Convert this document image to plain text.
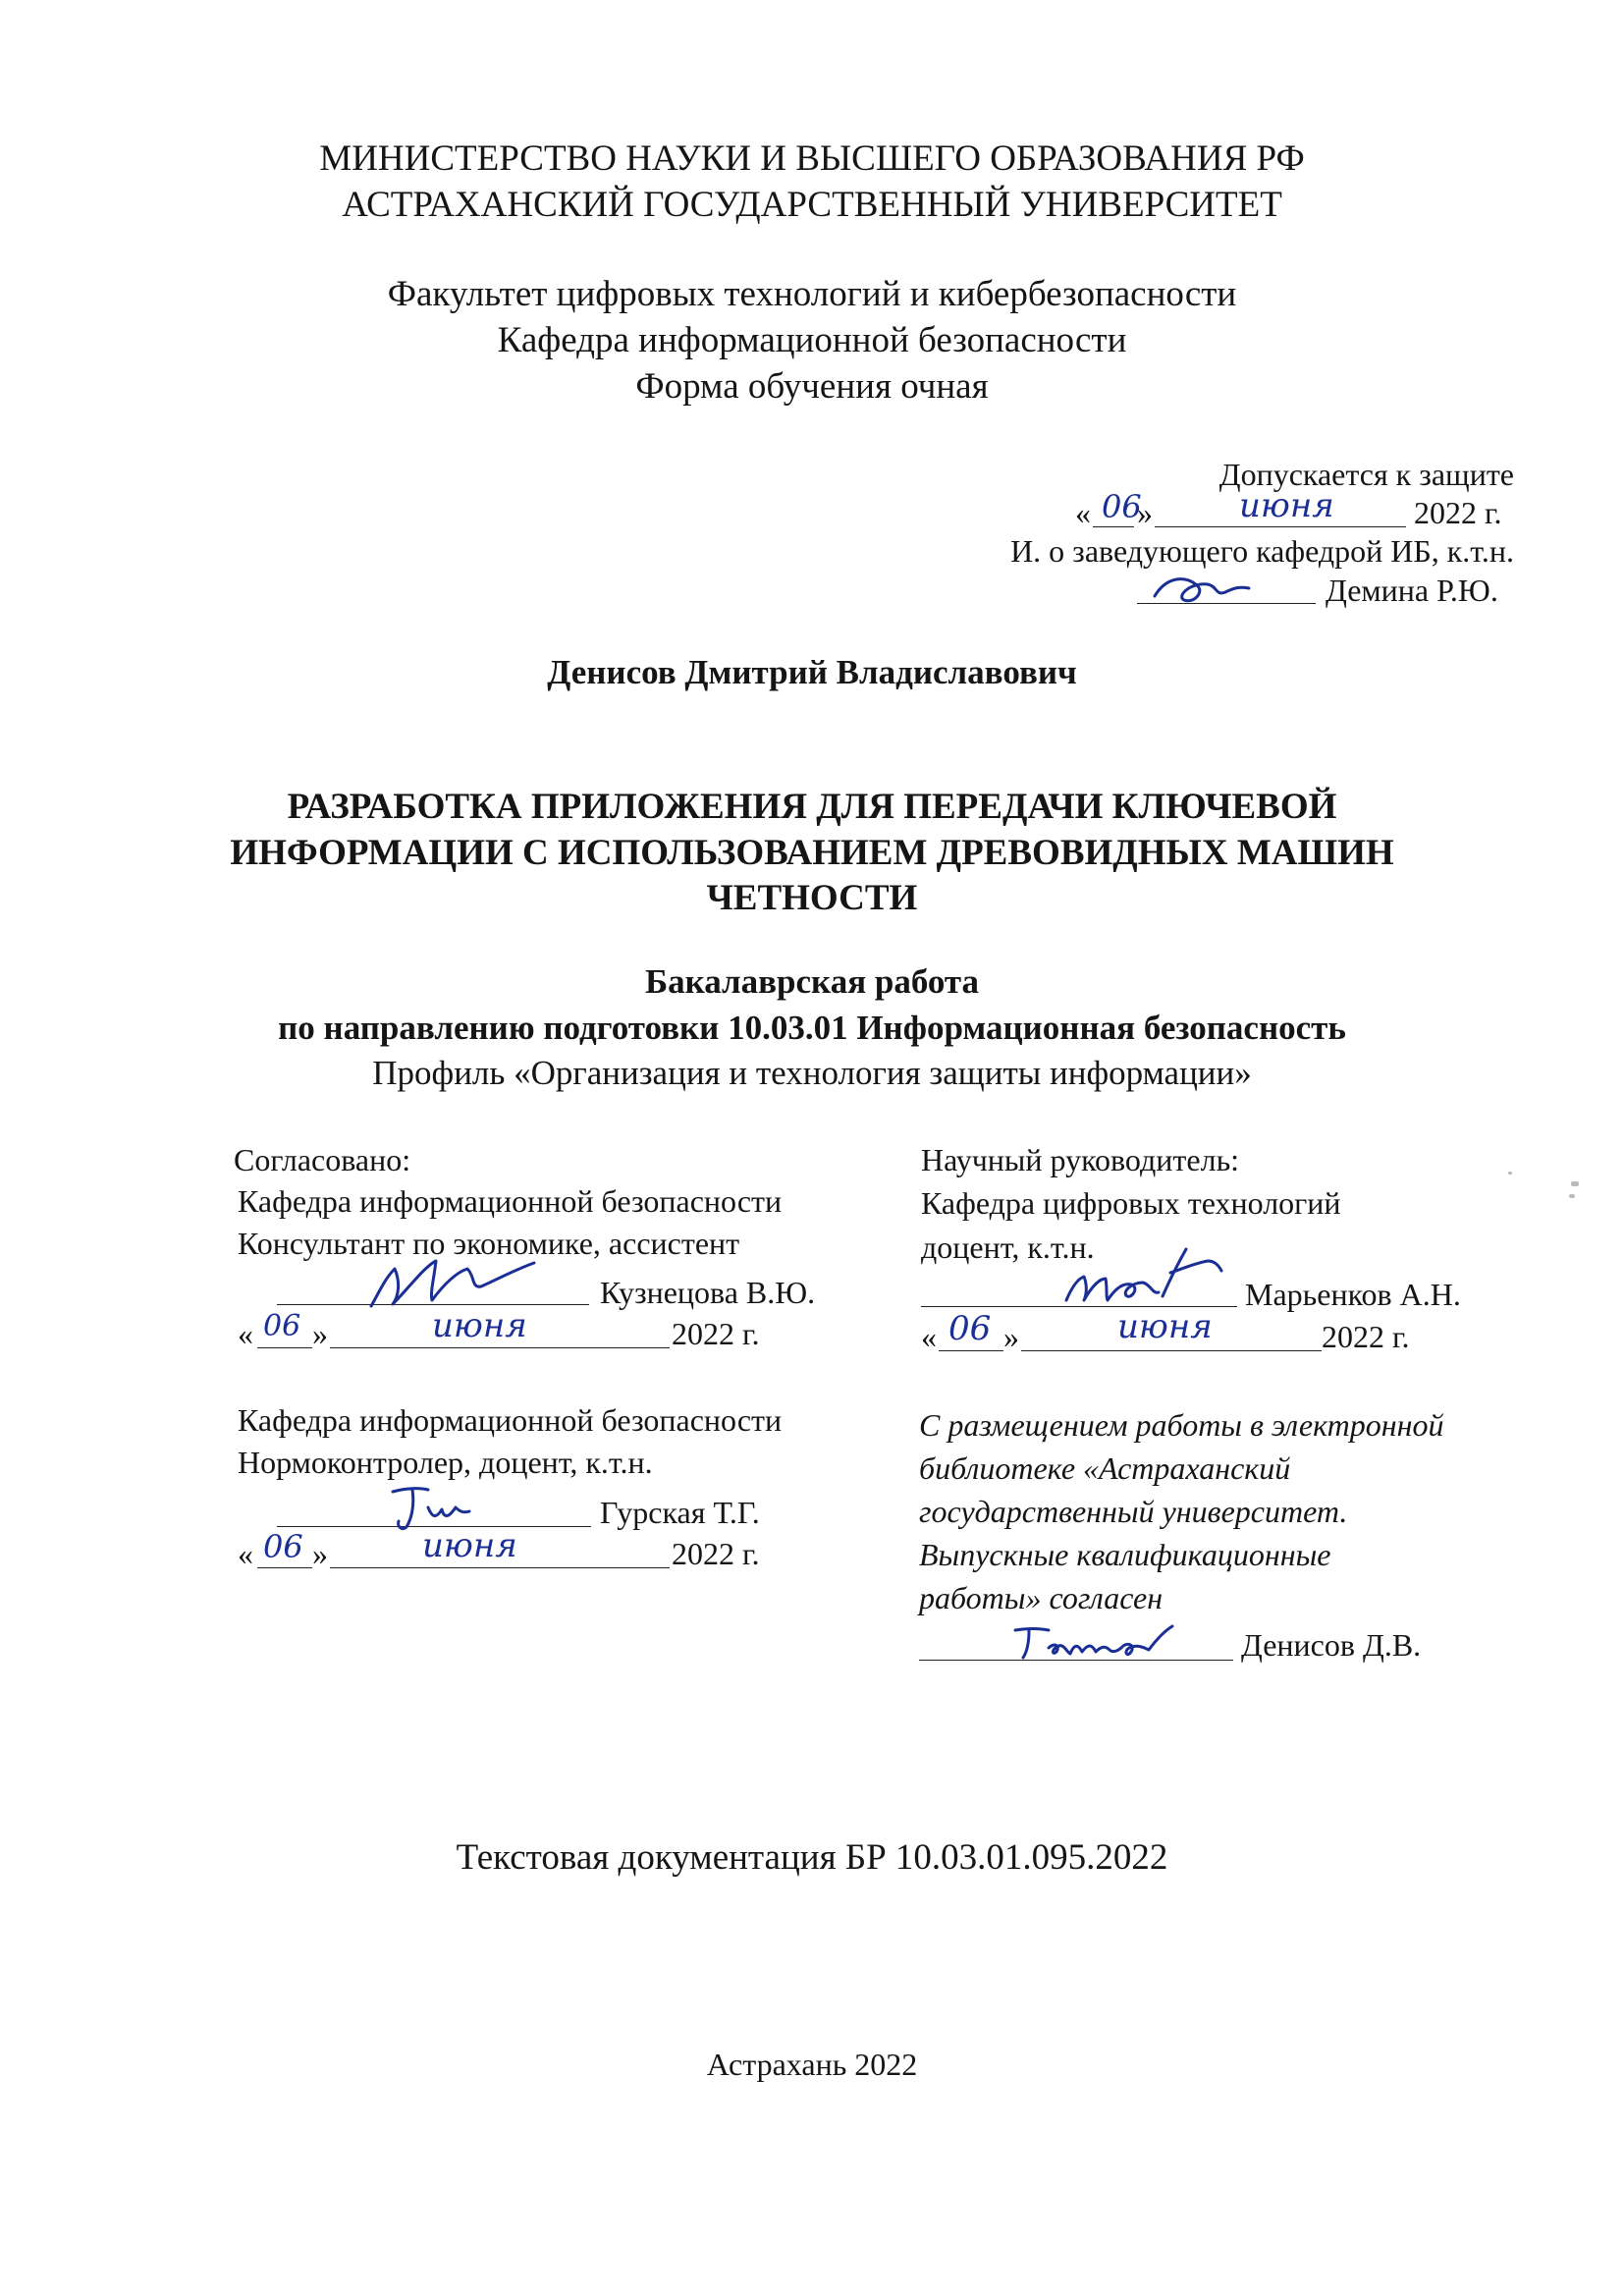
МИНИСТЕРСТВО НАУКИ И ВЫСШЕГО ОБРАЗОВАНИЯ РФ
АСТРАХАНСКИЙ ГОСУДАРСТВЕННЫЙ УНИВЕРСИТЕТ
Факультет цифровых технологий и кибербезопасности
Кафедра информационной безопасности
Форма обучения очная
Допускается к защите
« 06
»	июня	2022 г.
И. о заведующего кафедрой ИБ, к.т.н.
Демина Р.Ю.
Денисов Дмитрий Владиславович
РАЗРАБОТКА ПРИЛОЖЕНИЯ ДЛЯ ПЕРЕДАЧИ КЛЮЧЕВОЙ
ИНФОРМАЦИИ С ИСПОЛЬЗОВАНИЕМ ДРЕВОВИДНЫХ МАШИН
ЧЕТНОСТИ
Бакалаврская работа
по направлению подготовки 10.03.01 Информационная безопасность
Профиль «Организация и технология защиты информации»
Согласовано:
Кафедра информационной безопасности
Консультант по экономике, ассистент
Кузнецова В.Ю.
« 06 »	июня	2022 г.
Кафедра информационной безопасности
Нормоконтролер, доцент, к.т.н.
Гурская Т.Г.
« 06 »	июня	2022 г.
Научный руководитель:
Кафедра цифровых технологий
доцент, к.т.н.
Марьенков А.Н.
« 06 »	июня	2022 г.
С размещением работы в электронной
библиотеке «Астраханский
государственный университет.
Выпускные квалификационные
работы» согласен
Денисов Д.В.
Текстовая документация БР 10.03.01.095.2022
Астрахань 2022
